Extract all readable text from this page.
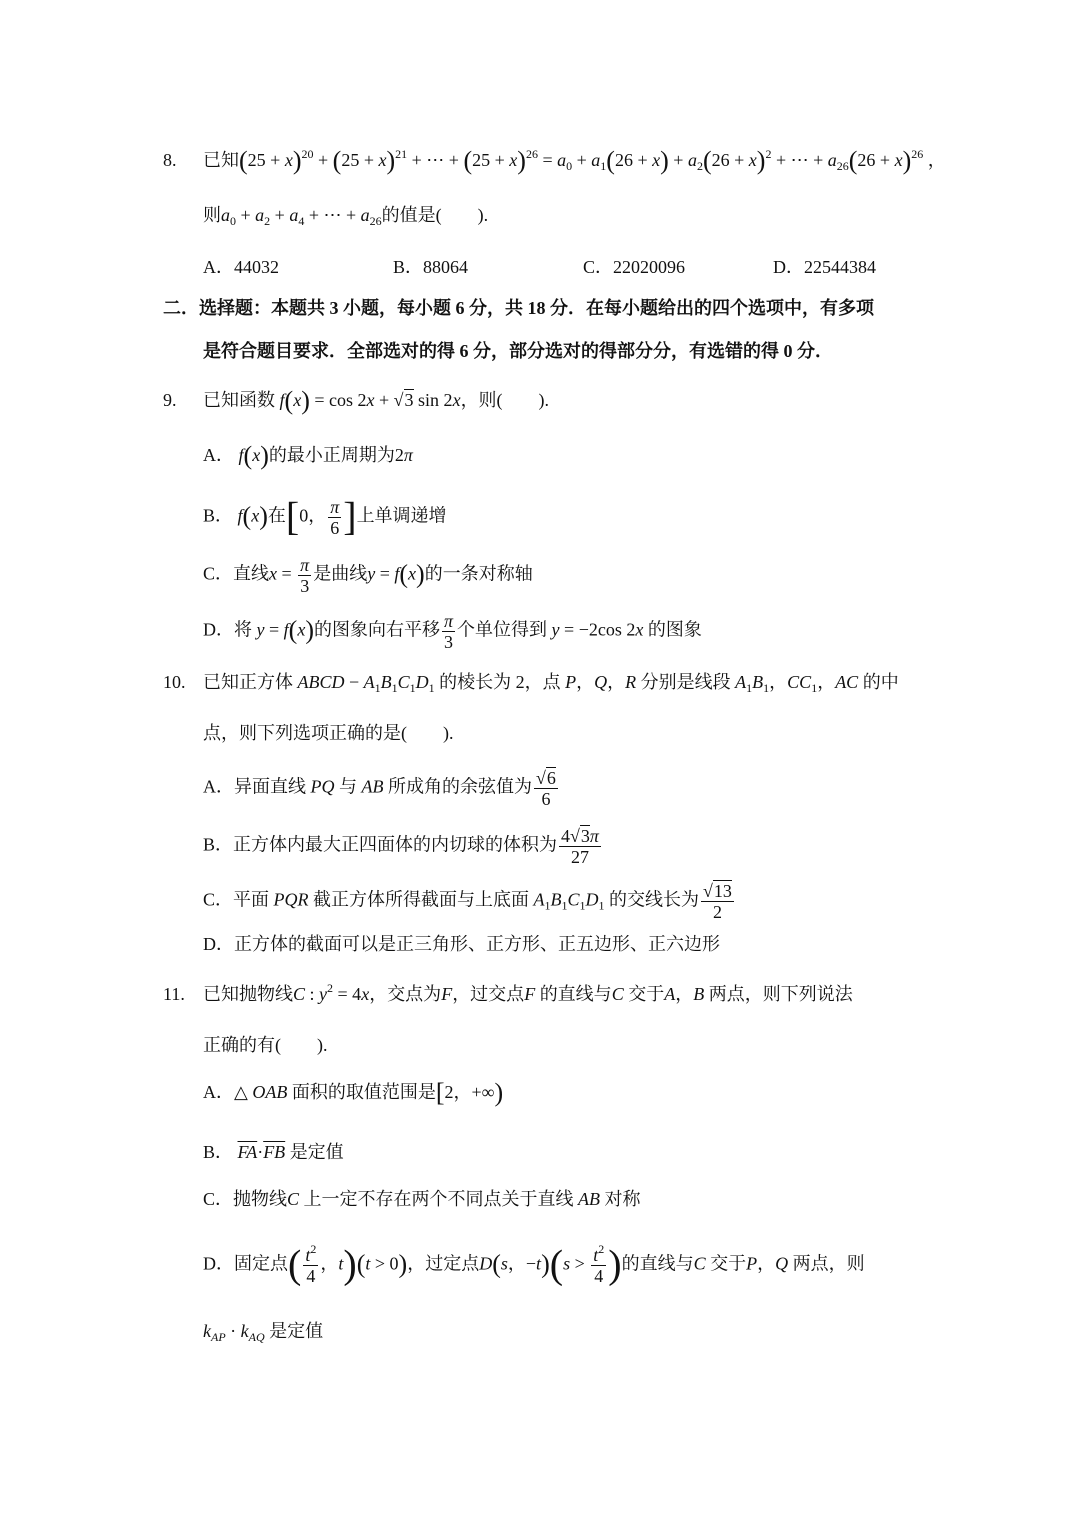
8. 已知$(25 + x)^{20} + (25 + x)^{21}$ + ⋯ + $(25 + x)^{26} = a_0 + a_1(26 + x) + a_2(26 + x)^2$ + ⋯ + $a_{26}(26 + x)^{26}$ ，
则$a_0 + a_2 + a_4$ + ⋯ + $a_{26}$的值是(　　).
A．44032	B．88064	C．22020096	D．22544384
二．选择题：本题共 3 小题，每小题 6 分，共 18 分．在每小题给出的四个选项中，有多项
是符合题目要求．全部选对的得 6 分，部分选对的得部分分，有选错的得 0 分．
9. 已知函数 f(x) = cos 2x + √3 sin 2x，则(　　).
A． f(x)的最小正周期为2π
B． f(x)在[0， $\frac{\pi}{6}$ ]上单调递增
C．直线$x = \frac{\pi}{3}$ 是曲线y = f(x)的一条对称轴
D．将 y = f(x)的图象向右平移 $\frac{\pi}{3}$ 个单位得到 y = −2cos 2x 的图象
10. 已知正方体 ABCD − $A_1B_1C_1D_1$ 的棱长为 2，点 P，Q，R 分别是线段 $A_1B_1$，$CC_1$，AC 的中
点，则下列选项正确的是(　　).
A．异面直线 PQ 与 AB 所成角的余弦值为 $\frac{√6}{6}$
B．正方体内最大正四面体的内切球的体积为 $\frac{4√3\pi}{27}$
C．平面 PQR 截正方体所得截面与上底面 $A_1B_1C_1D_1$ 的交线长为 $\frac{√13}{2}$
D．正方体的截面可以是正三角形、正方形、正五边形、正六边形
11. 已知抛物线C : $y^2 = 4x$，交点为F，过交点F 的直线与C 交于A，B 两点，则下列说法
正确的有(　　).
A．△ OAB 面积的取值范围是[2，+∞)
B． $\overline{FA}\cdot\overline{FB}$ 是定值
C．抛物线C 上一定不存在两个不同点关于直线 AB 对称
D．固定点( $\frac{t^2}{4}$ ，t)(t > 0)，过定点D(s，$-t)(s > \frac{t^2}{4}$ )的直线与C 交于P，Q 两点，则
$k_{AP} \cdot k_{AQ}$ 是定值
